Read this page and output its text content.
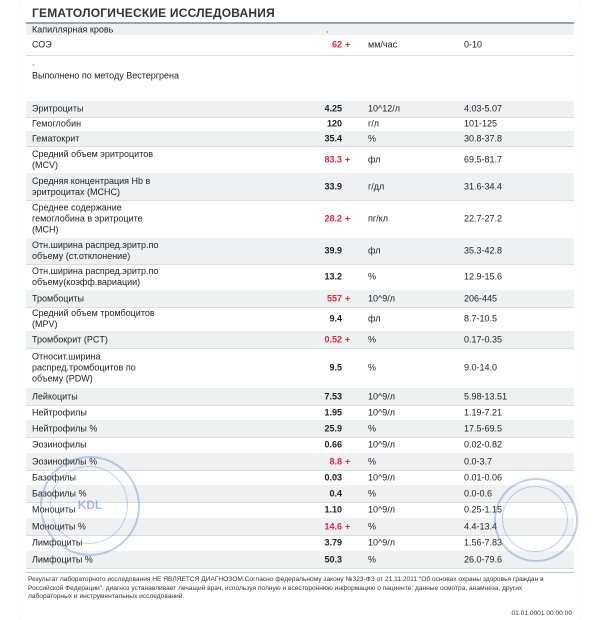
ГЕМАТОЛОГИЧЕСКИЕ ИССЛЕДОВАНИЯ
Капиллярная кровь	.
СОЭ	62 +	мм/час	0-10
.
Выполнено по методу Вестергрена
Эритроциты	4.25	10^12/л	4.03-5.07
Гемоглобин	120	г/л	101-125
Гематокрит	35.4	%	30.8-37.8
Средний объем эритроцитов
(MCV)
83.3 +	фл	69.5-81.7
Средняя концентрация Hb в
эритроцитах (MCHC)
33.9	г/дл	31.6-34.4
Среднее содержание
гемоглобина в эритроците
(MCH)
28.2 +	пг/кл	22.7-27.2
Отн.ширина распред.эритр.по
объему (ст.отклонение)
39.9	фл	35.3-42.8
Отн.ширина распред.эритр.по
объему(коэфф.вариации)
13.2	%	12.9-15.6
Тромбоциты	557 +	10^9/л	206-445
Средний объем тромбоцитов
(MPV)
9.4	фл	8.7-10.5
Тромбокрит (PCT)	0.52 +	%	0.17-0.35
Относит.ширина
распред.тромбоцитов по
объему (PDW)
9.5	%	9.0-14.0
Лейкоциты	7.53	10^9/л	5.98-13.51
Нейтрофилы	1.95	10^9/л	1.19-7.21
Нейтрофилы %	25.9	%	17.5-69.5
Эозинофилы	0.66	10^9/л	0.02-0.82
Эозинофилы %	8.8 +	%	0.0-3.7
Базофилы	0.03	10^9/л	0.01-0.06
Базофилы %	0.4	%	0.0-0.6
Моноциты	1.10	10^9/л	0.25-1.15
Моноциты %	14.6 +	%	4.4-13.4
Лимфоциты	3.79	10^9/л	1.56-7.83
Лимфоциты %	50.3	%	26.0-79.6
KDL
Результат лабораторного исследования НЕ ЯВЛЯЕТСЯ ДИАГНОЗОМ.Согласно федеральному закону №323-ФЗ от 21.11.2011 "Об основах охраны здоровья граждан в Российской Федерации", диагноз устанавливает лечащий врач, используя полную и всестороннюю информацию о пациенте: данные осмотра, анамнеза, других лабораторных и инструментальных исследований.
01.01.0001 00:00:00
